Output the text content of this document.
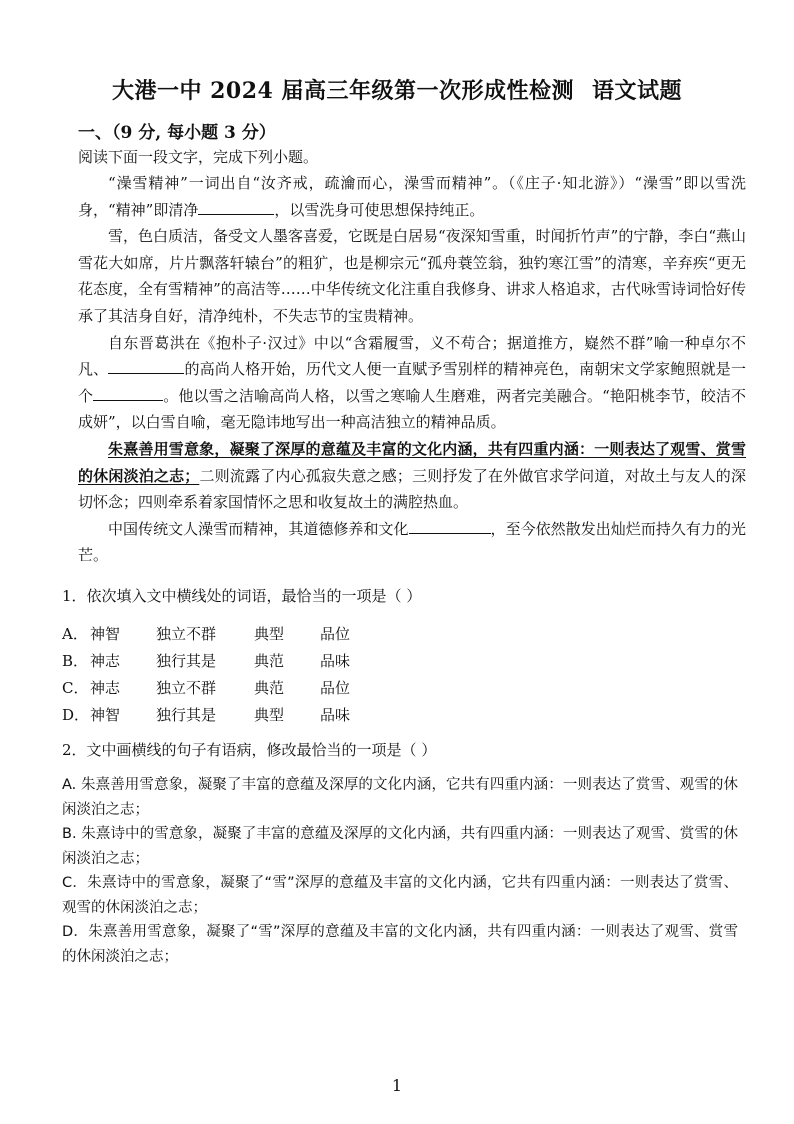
大港一中 2024 届高三年级第一次形成性检测 语文试题
一、（9 分, 每小题 3 分）
阅读下面一段文字，完成下列小题。

“澡雪精神”一词出自“汝齐戒，疏瀹而心，澡雪而精神”。（《庄子·知北游》）“澡雪”即以雪洗身，“精神”即清净	，以雪洗身可使思想保持纯正。

雪，色白质洁，备受文人墨客喜爱，它既是白居易“夜深知雪重，时闻折竹声”的宁静，李白“燕山雪花大如席，片片飘落轩辕台”的粗犷，也是柳宗元“孤舟蓑笠翁，独钓寒江雪”的清寒，辛弃疾“更无花态度，全有雪精神”的高洁等……中华传统文化注重自我修身、讲求人格追求，古代咏雪诗词恰好传承了其洁身自好，清净纯朴，不失志节的宝贵精神。

自东晋葛洪在《抱朴子·汉过》中以“含霜履雪，义不苟合；据道推方，嶷然不群”喻一种卓尔不凡、	的高尚人格开始，历代文人便一直赋予雪别样的精神亮色，南朝宋文学家鲍照就是一个	。他以雪之洁喻高尚人格，以雪之寒喻人生磨难，两者完美融合。“艳阳桃李节，皎洁不成妍”，以白雪自喻，毫无隐讳地写出一种高洁独立的精神品质。

朱熹善用雪意象，凝聚了深厚的意蕴及丰富的文化内涵，共有四重内涵：一则表达了观雪、赏雪的休闲淡泊之志；二则流露了内心孤寂失意之感；三则抒发了在外做官求学问道，对故土与友人的深切怀念；四则牵系着家国情怀之思和收复故土的满腔热血。

中国传统文人澡雪而精神，其道德修养和文化	，至今依然散发出灿烂而持久有力的光芒。

1．依次填入文中横线处的词语，最恰当的一项是（ ）
A． 神智	独立不群	典型	品位
B． 神志	独行其是	典范	品味
C． 神志	独立不群	典范	品位
D． 神智	独行其是	典型	品味
2．文中画横线的句子有语病，修改最恰当的一项是（ ）
A. 朱熹善用雪意象，凝聚了丰富的意蕴及深厚的文化内涵，它共有四重内涵：一则表达了赏雪、观雪的休闲淡泊之志；
B. 朱熹诗中的雪意象，凝聚了丰富的意蕴及深厚的文化内涵，共有四重内涵：一则表达了观雪、赏雪的休闲淡泊之志；
C．朱熹诗中的雪意象，凝聚了“雪”深厚的意蕴及丰富的文化内涵，它共有四重内涵：一则表达了赏雪、观雪的休闲淡泊之志；
D．朱熹善用雪意象，凝聚了“雪”深厚的意蕴及丰富的文化内涵，共有四重内涵：一则表达了观雪、赏雪的休闲淡泊之志；
1
